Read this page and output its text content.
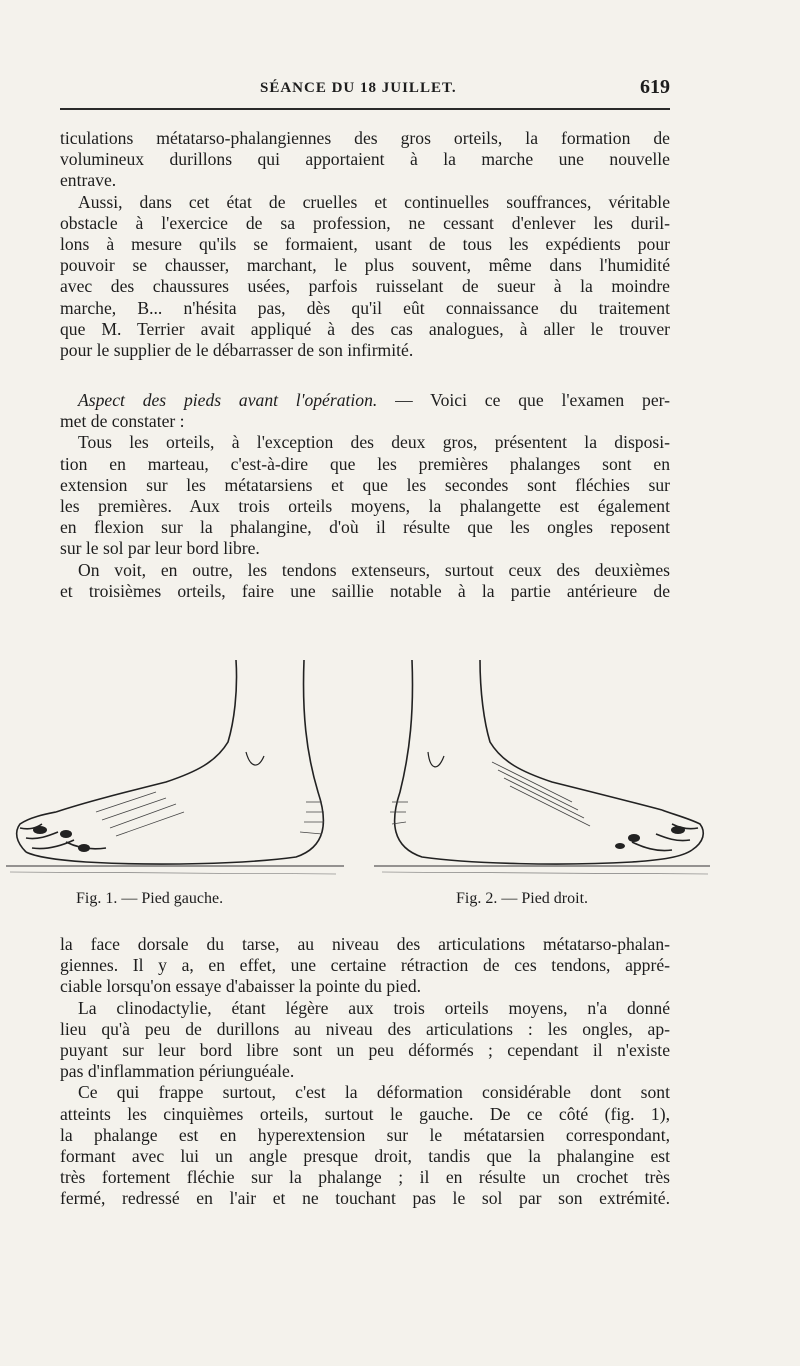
SÉANCE DU 18 JUILLET.	619
ticulations métatarso-phalangiennes des gros orteils, la formation de
volumineux durillons qui apportaient à la marche une nouvelle
entrave.
Aussi, dans cet état de cruelles et continuelles souffrances, véritable
obstacle à l'exercice de sa profession, ne cessant d'enlever les duril-
lons à mesure qu'ils se formaient, usant de tous les expédients pour
pouvoir se chausser, marchant, le plus souvent, même dans l'humidité
avec des chaussures usées, parfois ruisselant de sueur à la moindre
marche, B... n'hésita pas, dès qu'il eût connaissance du traitement
que M. Terrier avait appliqué à des cas analogues, à aller le trouver
pour le supplier de le débarrasser de son infirmité.
Aspect des pieds avant l'opération. — Voici ce que l'examen per-
met de constater :
Tous les orteils, à l'exception des deux gros, présentent la disposi-
tion en marteau, c'est-à-dire que les premières phalanges sont en
extension sur les métatarsiens et que les secondes sont fléchies sur
les premières. Aux trois orteils moyens, la phalangette est également
en flexion sur la phalangine, d'où il résulte que les ongles reposent
sur le sol par leur bord libre.
On voit, en outre, les tendons extenseurs, surtout ceux des deuxièmes
et troisièmes orteils, faire une saillie notable à la partie antérieure de
Fig. 1. — Pied gauche.	Fig. 2. — Pied droit.
la face dorsale du tarse, au niveau des articulations métatarso-phalan-
giennes. Il y a, en effet, une certaine rétraction de ces tendons, appré-
ciable lorsqu'on essaye d'abaisser la pointe du pied.
La clinodactylie, étant légère aux trois orteils moyens, n'a donné
lieu qu'à peu de durillons au niveau des articulations : les ongles, ap-
puyant sur leur bord libre sont un peu déformés ; cependant il n'existe
pas d'inflammation périunguéale.
Ce qui frappe surtout, c'est la déformation considérable dont sont
atteints les cinquièmes orteils, surtout le gauche. De ce côté (fig. 1),
la phalange est en hyperextension sur le métatarsien correspondant,
formant avec lui un angle presque droit, tandis que la phalangine est
très fortement fléchie sur la phalange ; il en résulte un crochet très
fermé, redressé en l'air et ne touchant pas le sol par son extrémité.
